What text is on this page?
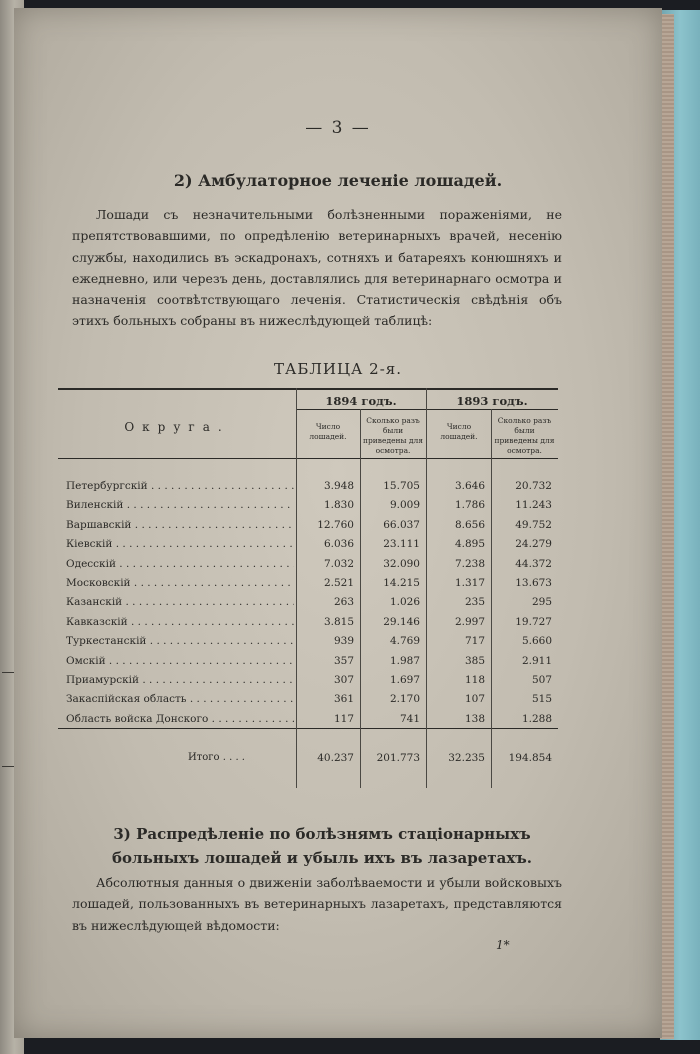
— 3 —
2) Амбулаторное леченіе лошадей.

Лошади съ незначительными болѣзненными пораженіями, не препятствовавшими, по опредѣленію ветеринарныхъ врачей, несенію службы, находились въ эскадронахъ, сотняхъ и батареяхъ конюшняхъ и ежедневно, или черезъ день, доставлялись для ветеринарнаго осмотра и назначенія соотвѣтствующаго леченія. Статистическія свѣдѣнія объ этихъ больныхъ собраны въ нижеслѣдующей таблицѣ:

ТАБЛИЦА 2-я.
Округа.
1894 годъ.	1893 годъ.
Число лошадей.
Сколько разъ были приведены для осмотра.
Число лошадей.
Сколько разъ были приведены для осмотра.
Петербургскій . . .	3.948	15.705	3.646	20.732
Виленскій . . .	1.830	9.009	1.786	11.243
Варшавскій . . .	12.760	66.037	8.656	49.752
Кіевскій . . .	6.036	23.111	4.895	24.279
Одесскій . . .	7.032	32.090	7.238	44.372
Московскій . . .	2.521	14.215	1.317	13.673
Казанскій . . .	263	1.026	235	295
Кавказскій . . .	3.815	29.146	2.997	19.727
Туркестанскій . . .	939	4.769	717	5.660
Омскій . . .	357	1.987	385	2.911
Приамурскій . . .	307	1.697	118	507
Закаспійская область . . .	361	2.170	107	515
Область войска Донского . . .	117	741	138	1.288
Итого . . . .	40.237	201.773	32.235	194.854
3) Распредѣленіе по болѣзнямъ стаціонарныхъ больныхъ лошадей и убыль ихъ въ лазаретахъ.

Абсолютныя данныя о движеніи заболѣваемости и убыли войсковыхъ лошадей, пользованныхъ въ ветеринарныхъ лазаретахъ, представляются въ нижеслѣдующей вѣдомости:

1*
